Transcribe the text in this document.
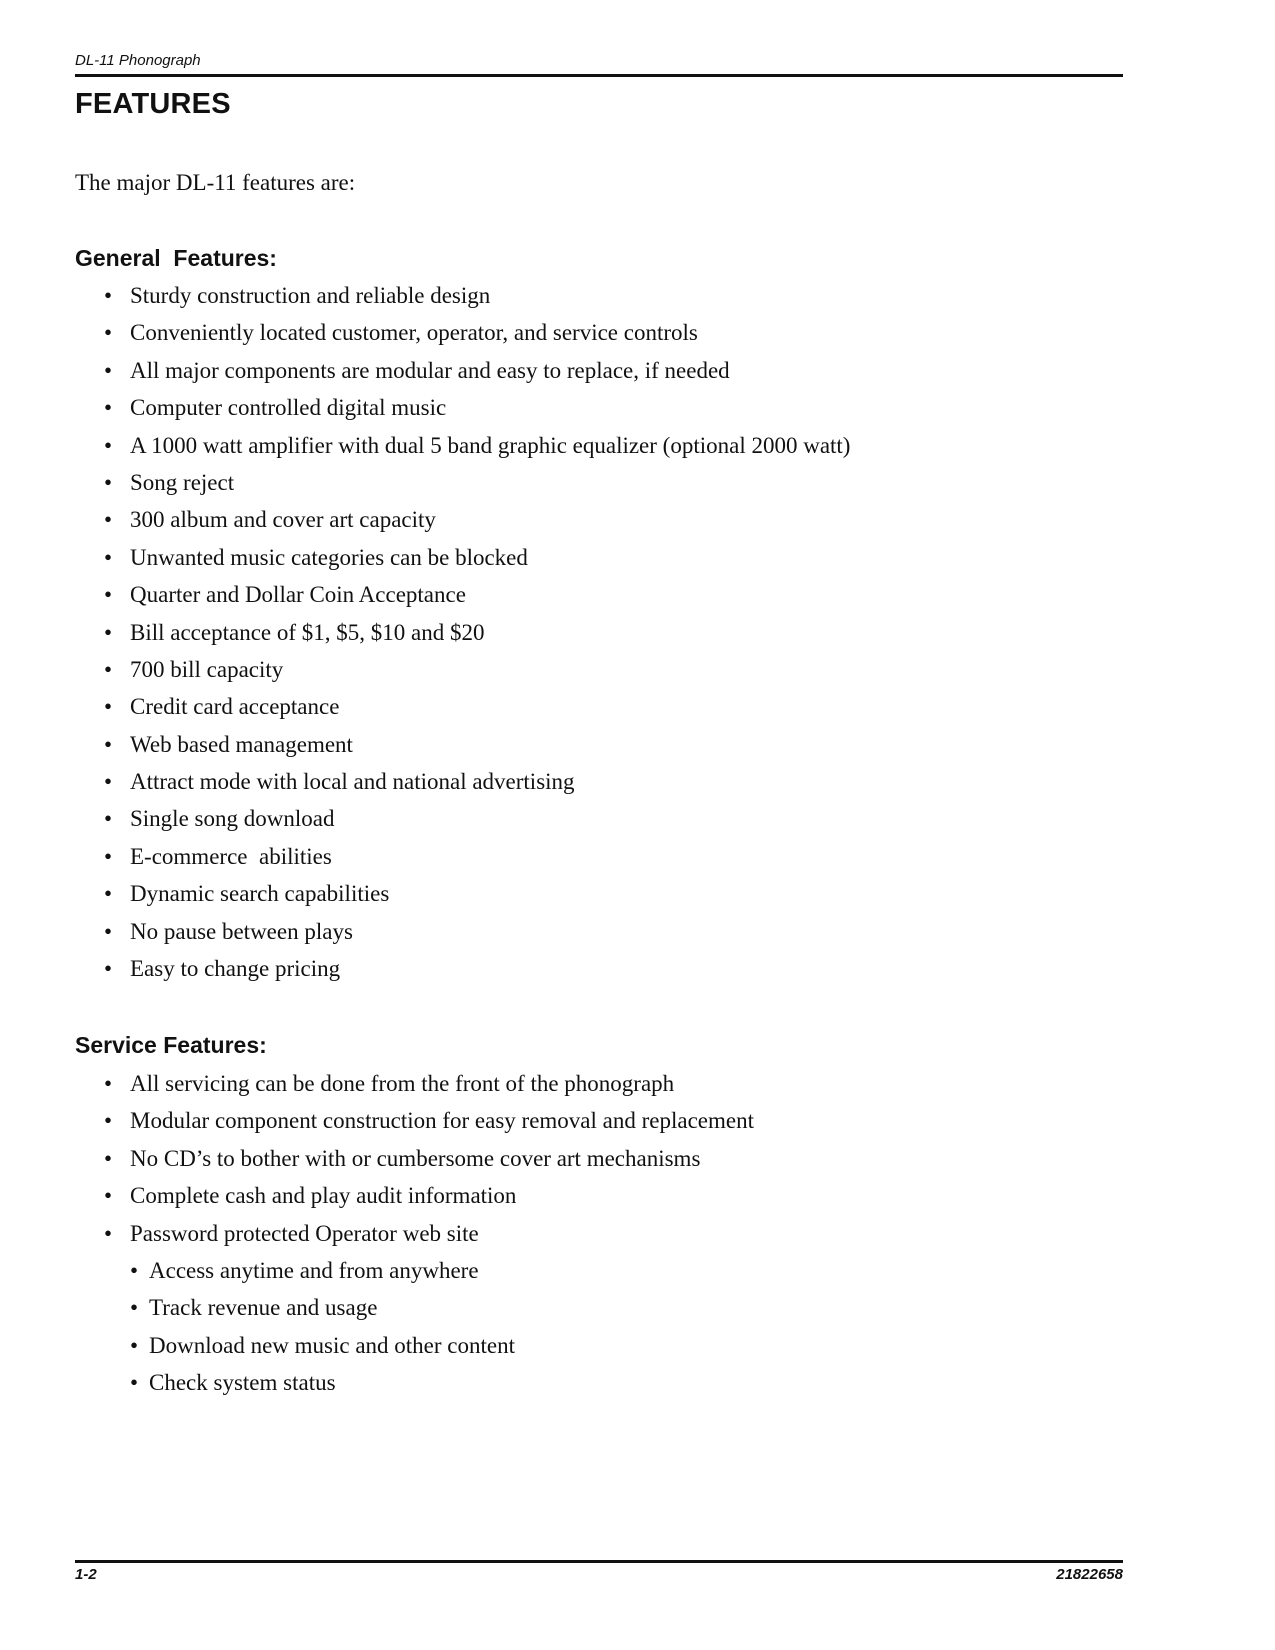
DL-11 Phonograph
FEATURES

The major DL-11 features are:

General  Features:
• Sturdy construction and reliable design
• Conveniently located customer, operator, and service controls
• All major components are modular and easy to replace, if needed
• Computer controlled digital music
• A 1000 watt amplifier with dual 5 band graphic equalizer (optional 2000 watt)
• Song reject
• 300 album and cover art capacity
• Unwanted music categories can be blocked
• Quarter and Dollar Coin Acceptance
• Bill acceptance of $1, $5, $10 and $20
• 700 bill capacity
• Credit card acceptance
• Web based management
• Attract mode with local and national advertising
• Single song download
• E-commerce  abilities
• Dynamic search capabilities
• No pause between plays
• Easy to change pricing
Service Features:
• All servicing can be done from the front of the phonograph
• Modular component construction for easy removal and replacement
• No CD’s to bother with or cumbersome cover art mechanisms
• Complete cash and play audit information
• Password protected Operator web site
• Access anytime and from anywhere
• Track revenue and usage
• Download new music and other content
• Check system status
1-2	21822658
